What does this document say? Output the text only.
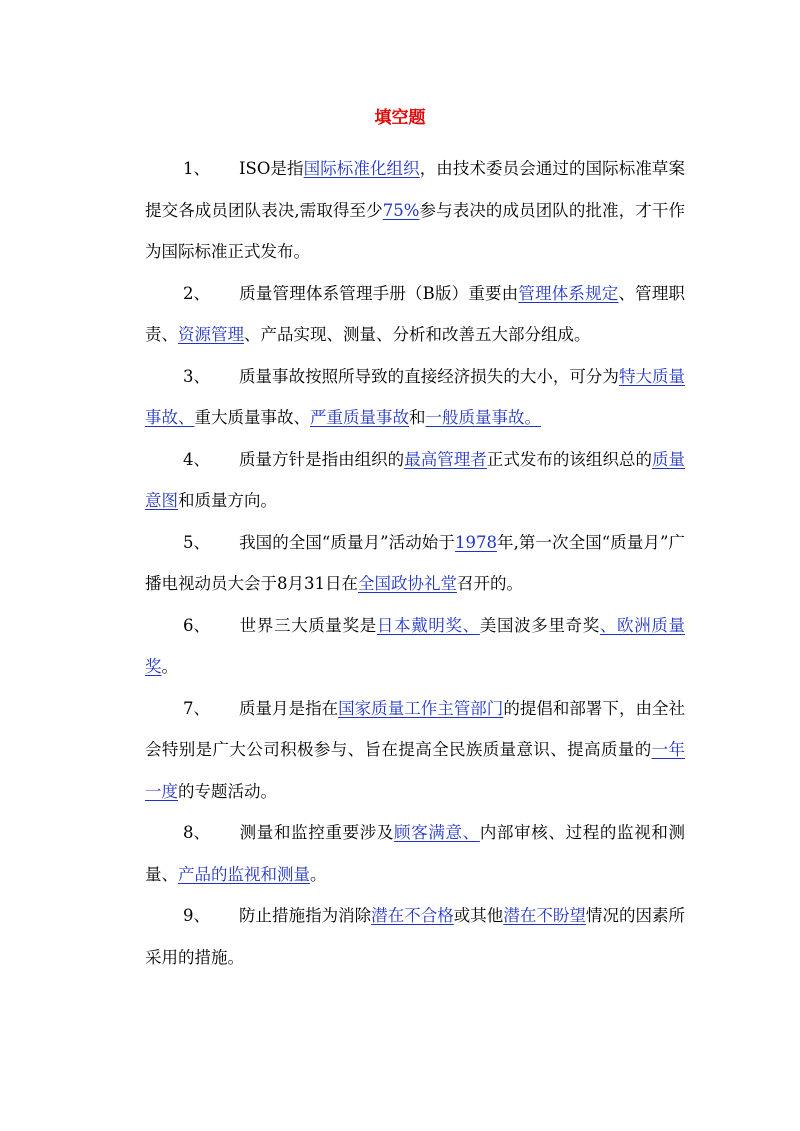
填空题

1、 ISO是指国际标准化组织，由技术委员会通过的国际标准草案提交各成员团队表决,需取得至少75%参与表决的成员团队的批准，才干作为国际标准正式发布。

2、 质量管理体系管理手册（B版）重要由管理体系规定、管理职责、资源管理、产品实现、测量、分析和改善五大部分组成。

3、 质量事故按照所导致的直接经济损失的大小，可分为特大质量事故、重大质量事故、严重质量事故和一般质量事故。

4、 质量方针是指由组织的最高管理者正式发布的该组织总的质量意图和质量方向。

5、 我国的全国“质量月”活动始于1978年,第一次全国“质量月”广播电视动员大会于8月31日在全国政协礼堂召开的。

6、 世界三大质量奖是日本戴明奖、美国波多里奇奖、欧洲质量奖。

7、 质量月是指在国家质量工作主管部门的提倡和部署下，由全社会特别是广大公司积极参与、旨在提高全民族质量意识、提高质量的一年一度的专题活动。

8、 测量和监控重要涉及顾客满意、内部审核、过程的监视和测量、产品的监视和测量。

9、 防止措施指为消除潜在不合格或其他潜在不盼望情况的因素所采用的措施。
